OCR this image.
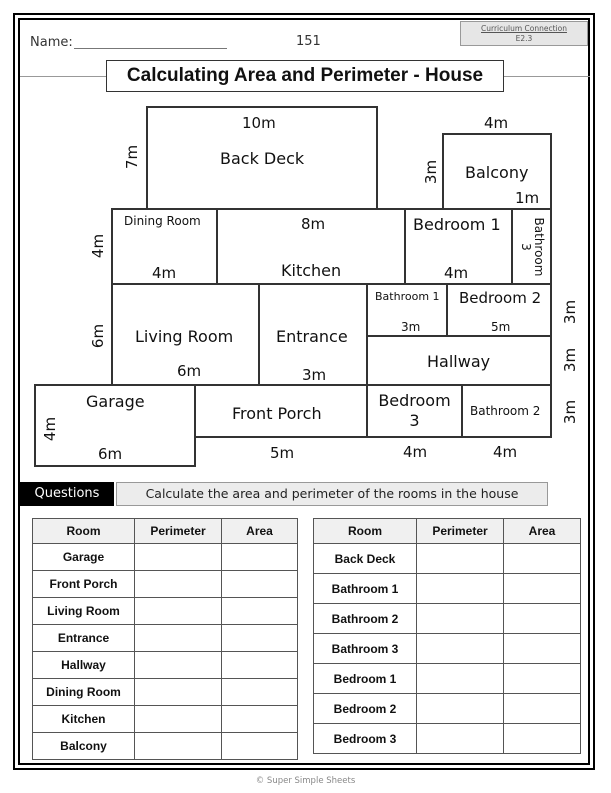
Name:	151
Curriculum Connection
E2.3
Calculating Area and Perimeter - House
10m
Back Deck
7m
4m
Balcony
1m
3m
Dining Room
4m
4m
8m
Kitchen
Bedroom 1
4m	Bathroom
3
Living Room
6m
6m	Entrance
3m
Bathroom 1
3m
Bedroom 2
5m
3m
Hallway	3m
Garage
6m
4m
Front Porch
5m
Bedroom
3
4m
Bathroom 2
4m
3m
Questions	Calculate the area and perimeter of the rooms in the house
Room	Perimeter	Area
Garage		
Front Porch		
Living Room		
Entrance		
Hallway		
Dining Room		
Kitchen		
Balcony		
Room	Perimeter	Area
Back Deck		
Bathroom 1		
Bathroom 2		
Bathroom 3		
Bedroom 1		
Bedroom 2		
Bedroom 3		
© Super Simple Sheets
